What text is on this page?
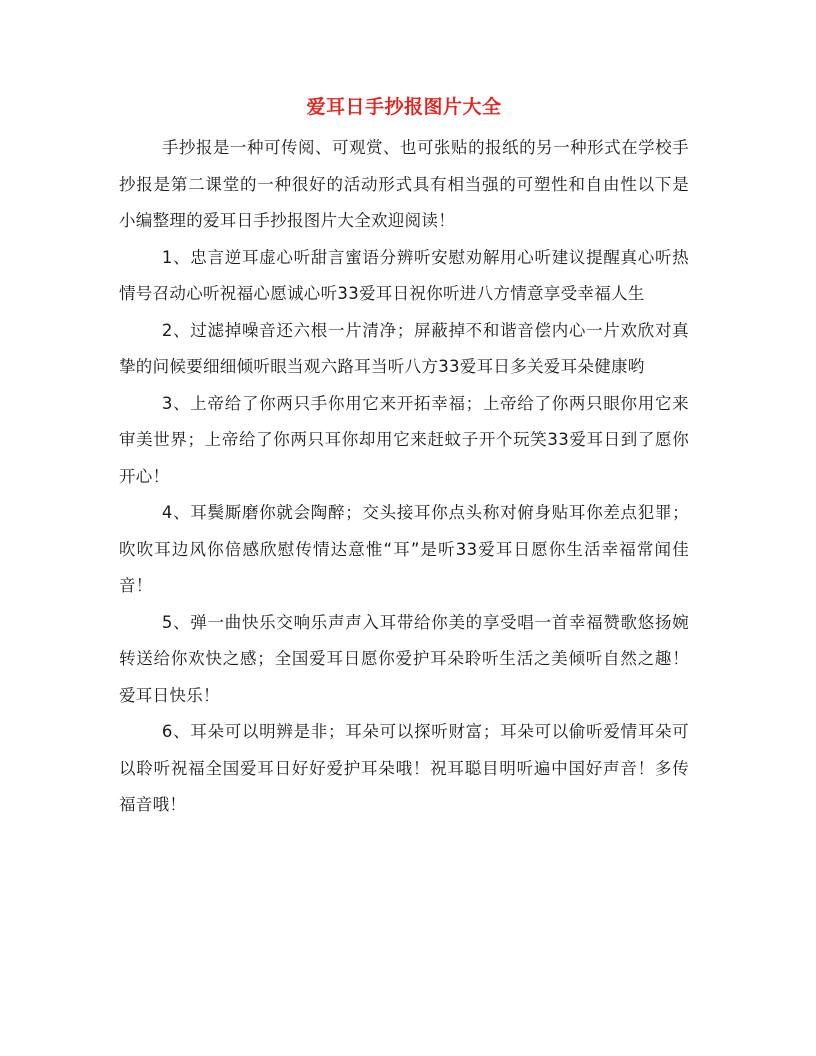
爱耳日手抄报图片大全

手抄报是一种可传阅、可观赏、也可张贴的报纸的另一种形式在学校手抄报是第二课堂的一种很好的活动形式具有相当强的可塑性和自由性以下是小编整理的爱耳日手抄报图片大全欢迎阅读！

1、忠言逆耳虚心听甜言蜜语分辨听安慰劝解用心听建议提醒真心听热情号召动心听祝福心愿诚心听33爱耳日祝你听进八方情意享受幸福人生

2、过滤掉噪音还六根一片清净；屏蔽掉不和谐音偿内心一片欢欣对真挚的问候要细细倾听眼当观六路耳当听八方33爱耳日多关爱耳朵健康哟

3、上帝给了你两只手你用它来开拓幸福；上帝给了你两只眼你用它来审美世界；上帝给了你两只耳你却用它来赶蚊子开个玩笑33爱耳日到了愿你开心！

4、耳鬓厮磨你就会陶醉；交头接耳你点头称对俯身贴耳你差点犯罪；吹吹耳边风你倍感欣慰传情达意惟“耳”是听33爱耳日愿你生活幸福常闻佳音！

5、弹一曲快乐交响乐声声入耳带给你美的享受唱一首幸福赞歌悠扬婉转送给你欢快之感；全国爱耳日愿你爱护耳朵聆听生活之美倾听自然之趣！爱耳日快乐！

6、耳朵可以明辨是非；耳朵可以探听财富；耳朵可以偷听爱情耳朵可以聆听祝福全国爱耳日好好爱护耳朵哦！祝耳聪目明听遍中国好声音！多传福音哦！
